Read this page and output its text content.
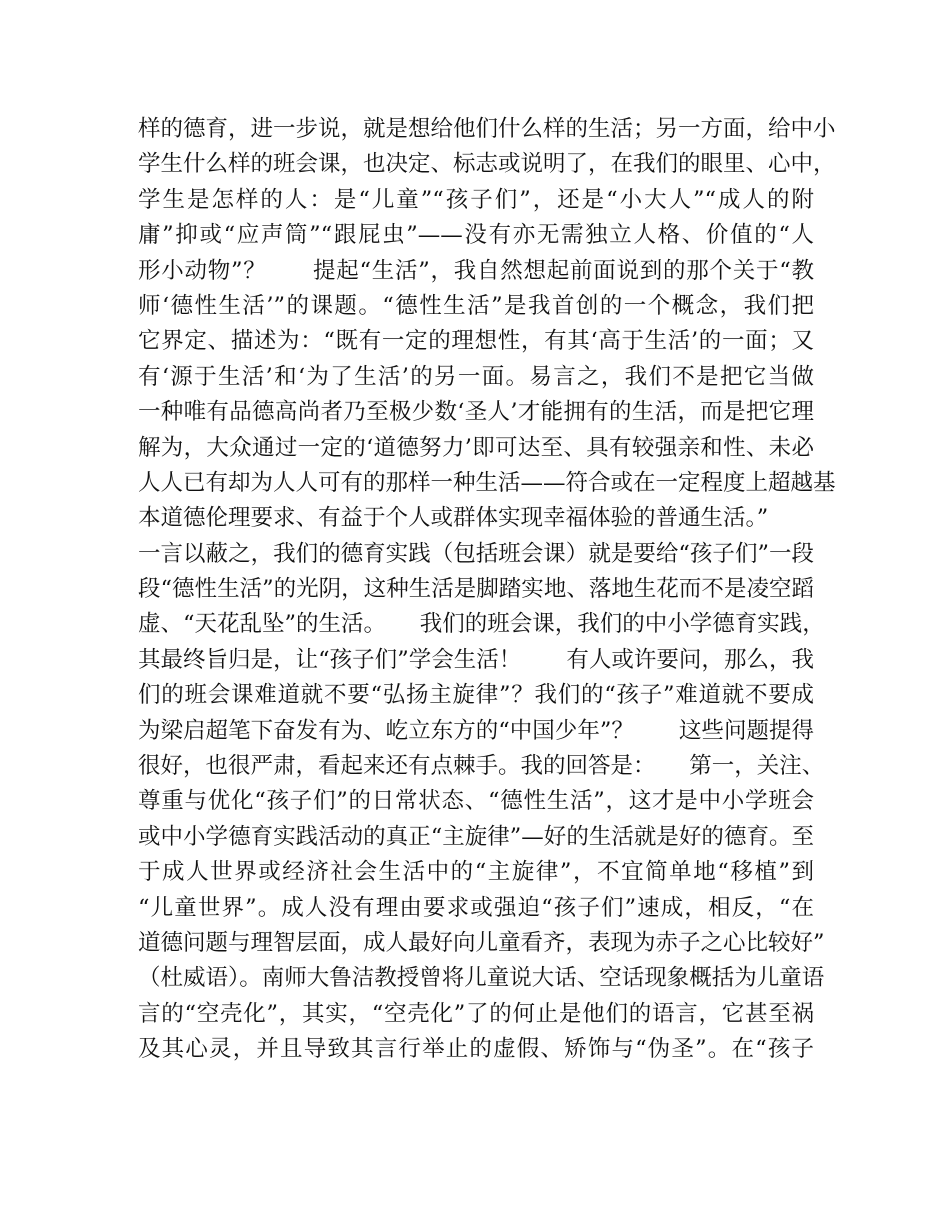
样的德育，进一步说，就是想给他们什么样的生活；另一方面，给中小
学生什么样的班会课，也决定、标志或说明了，在我们的眼里、心中，
学生是怎样的人：是“儿童”“孩子们”，还是“小大人”“成人的附
庸”抑或“应声筒”“跟屁虫”——没有亦无需独立人格、价值的“人
形小动物”？　　提起“生活”，我自然想起前面说到的那个关于“教
师‘德性生活’”的课题。“德性生活”是我首创的一个概念，我们把
它界定、描述为：“既有一定的理想性，有其‘高于生活’的一面；又
有‘源于生活’和‘为了生活’的另一面。易言之，我们不是把它当做
一种唯有品德高尚者乃至极少数‘圣人’才能拥有的生活，而是把它理
解为，大众通过一定的‘道德努力’即可达至、具有较强亲和性、未必
人人已有却为人人可有的那样一种生活——符合或在一定程度上超越基
本道德伦理要求、有益于个人或群体实现幸福体验的普通生活。”
一言以蔽之，我们的德育实践（包括班会课）就是要给“孩子们”一段
段“德性生活”的光阴，这种生活是脚踏实地、落地生花而不是凌空蹈
虚、“天花乱坠”的生活。　　我们的班会课，我们的中小学德育实践，
其最终旨归是，让“孩子们”学会生活！　　有人或许要问，那么，我
们的班会课难道就不要“弘扬主旋律”？我们的“孩子”难道就不要成
为梁启超笔下奋发有为、屹立东方的“中国少年”？　　这些问题提得
很好，也很严肃，看起来还有点棘手。我的回答是：　　第一，关注、
尊重与优化“孩子们”的日常状态、“德性生活”，这才是中小学班会
或中小学德育实践活动的真正“主旋律”—好的生活就是好的德育。至
于成人世界或经济社会生活中的“主旋律”，不宜简单地“移植”到
“儿童世界”。成人没有理由要求或强迫“孩子们”速成，相反，“在
道德问题与理智层面，成人最好向儿童看齐，表现为赤子之心比较好”
（杜威语）。南师大鲁洁教授曾将儿童说大话、空话现象概括为儿童语
言的“空壳化”，其实，“空壳化”了的何止是他们的语言，它甚至祸
及其心灵，并且导致其言行举止的虚假、矫饰与“伪圣”。在“孩子
